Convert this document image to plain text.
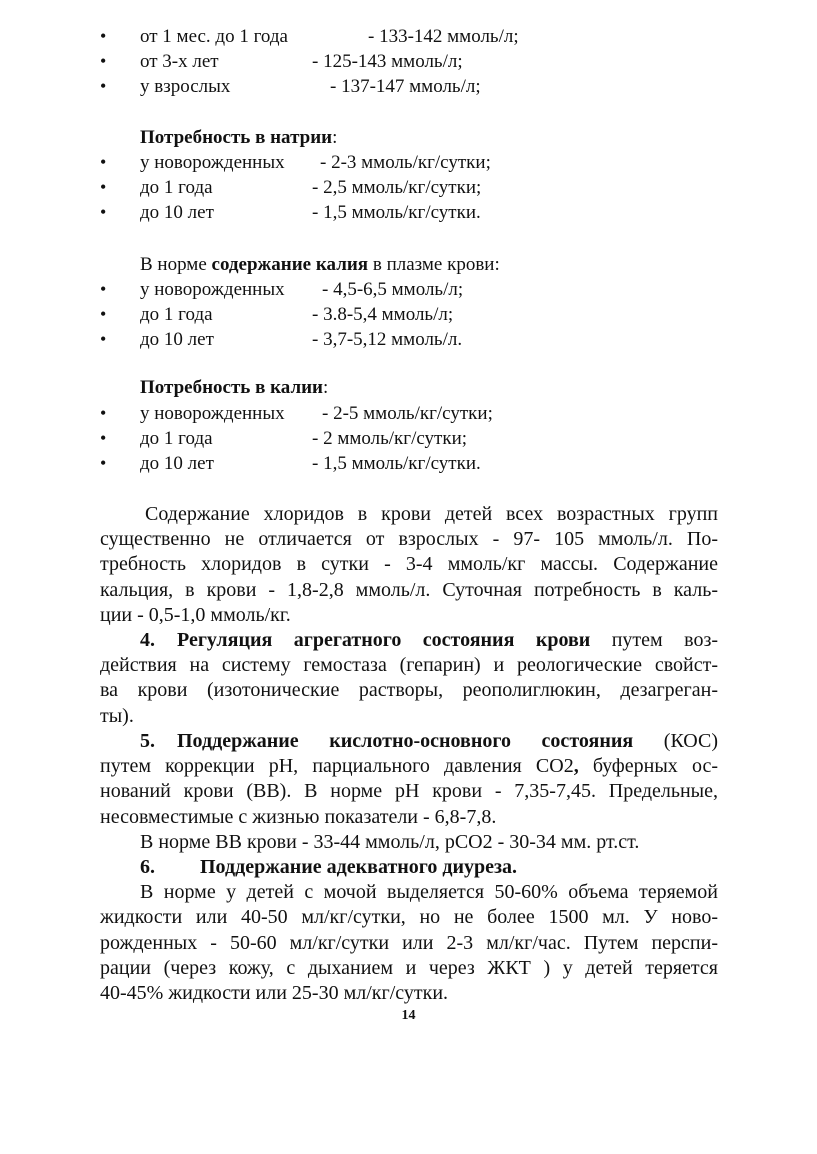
• от 1 мес. до 1 года	- 133-142 ммоль/л;
• от 3-х лет	- 125-143 ммоль/л;
• у взрослых	- 137-147 ммоль/л;
Потребность в натрии:
• у новорожденных - 2-3 ммоль/кг/сутки;
• до 1 года	- 2,5 ммоль/кг/сутки;
• до 10 лет	- 1,5 ммоль/кг/сутки.
В норме содержание калия в плазме крови:
• у новорожденных - 4,5-6,5 ммоль/л;
• до 1 года	- 3.8-5,4 ммоль/л;
• до 10 лет	- 3,7-5,12 ммоль/л.
Потребность в калии:
• у новорожденных - 2-5 ммоль/кг/сутки;
• до 1 года	- 2 ммоль/кг/сутки;
• до 10 лет	- 1,5 ммоль/кг/сутки.
Содержание хлоридов в крови детей всех возрастных групп
существенно не отличается от взрослых - 97- 105 ммоль/л. По-
требность хлоридов в сутки - 3-4 ммоль/кг массы. Содержание
кальция, в крови - 1,8-2,8 ммоль/л. Суточная потребность в каль-
ции - 0,5-1,0 ммоль/кг.
4. Регуляция агрегатного состояния крови путем воз-
действия на систему гемостаза (гепарин) и реологические свойст-
ва крови (изотонические растворы, реополиглюкин, дезагреган-
ты).
5. Поддержание кислотно-основного состояния (КОС)
путем коррекции рН, парциального давления СО2, буферных ос-
нований крови (ВВ). В норме рН крови - 7,35-7,45. Предельные,
несовместимые с жизнью показатели - 6,8-7,8.
В норме ВВ крови - 33-44 ммоль/л, рСО2 - 30-34 мм. рт.ст.
6. Поддержание адекватного диуреза.
В норме у детей с мочой выделяется 50-60% объема теряемой
жидкости или 40-50 мл/кг/сутки, но не более 1500 мл. У ново-
рожденных - 50-60 мл/кг/сутки или 2-3 мл/кг/час. Путем перспи-
рации (через кожу, с дыханием и через ЖКТ ) у детей теряется
40-45% жидкости или 25-30 мл/кг/сутки.
14
